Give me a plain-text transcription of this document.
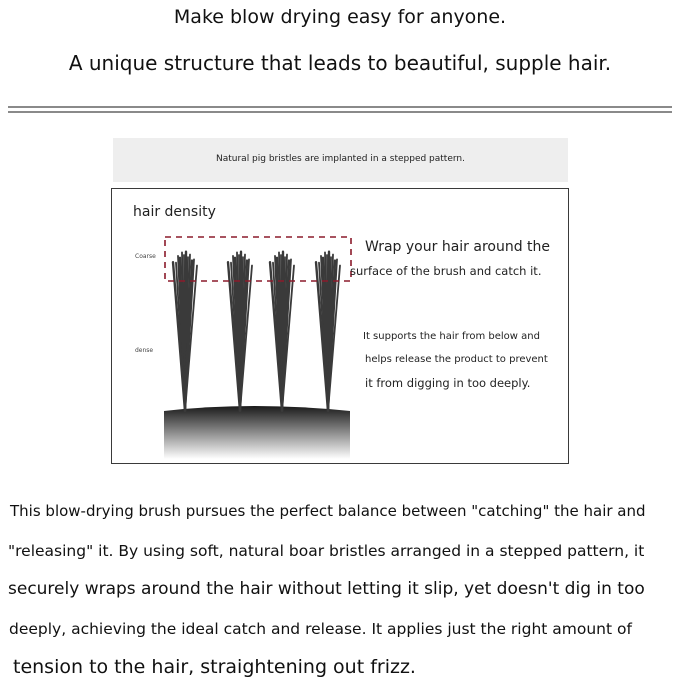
Make blow drying easy for anyone.
A unique structure that leads to beautiful, supple hair.
Natural pig bristles are implanted in a stepped pattern.
hair density
Coarse
dense
Wrap your hair around the
surface of the brush and catch it.
It supports the hair from below and
helps release the product to prevent
it from digging in too deeply.
This blow-drying brush pursues the perfect balance between "catching" the hair and
"releasing" it. By using soft, natural boar bristles arranged in a stepped pattern, it
securely wraps around the hair without letting it slip, yet doesn't dig in too
deeply, achieving the ideal catch and release. It applies just the right amount of
tension to the hair, straightening out frizz.
